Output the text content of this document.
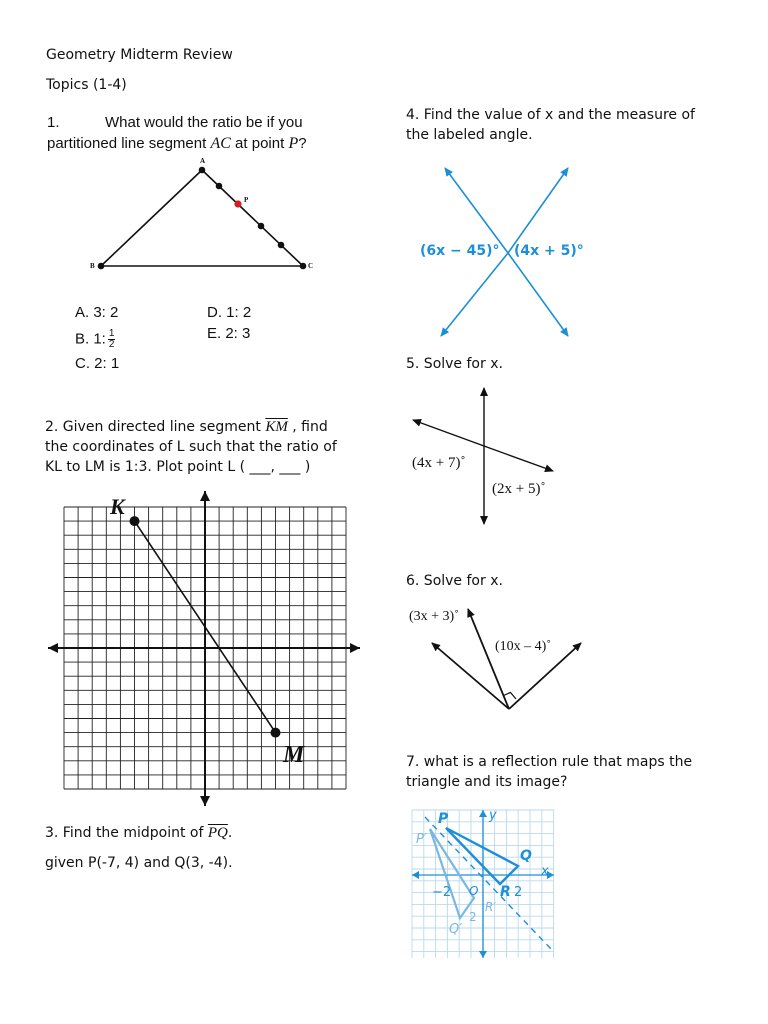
Geometry Midterm Review
Topics (1-4)
1.	What would the ratio be if you
partitioned line segment AC at point P?
A
P
B	C
A. 3: 2
B. 1: $\frac{1}{2}$
C. 2: 1
D. 1: 2
E. 2: 3
2. Given directed line segment $\overline{KM}$ , find
the coordinates of L such that the ratio of
KL to LM is 1:3. Plot point L ( ___, ___ )
K
M
3. Find the midpoint of $\overline{PQ}$.
given P(-7, 4) and Q(3, -4).
4. Find the value of x and the measure of
the labeled angle.
(6x − 45)° (4x + 5)°
5. Solve for x.
(4x + 7)˚
(2x + 5)˚
6. Solve for x.
(3x + 3)˚
(10x – 4)˚
7. what is a reflection rule that maps the
triangle and its image?
P
Q
R
P′
Q′
R′
x
y
−2	2
2
O
